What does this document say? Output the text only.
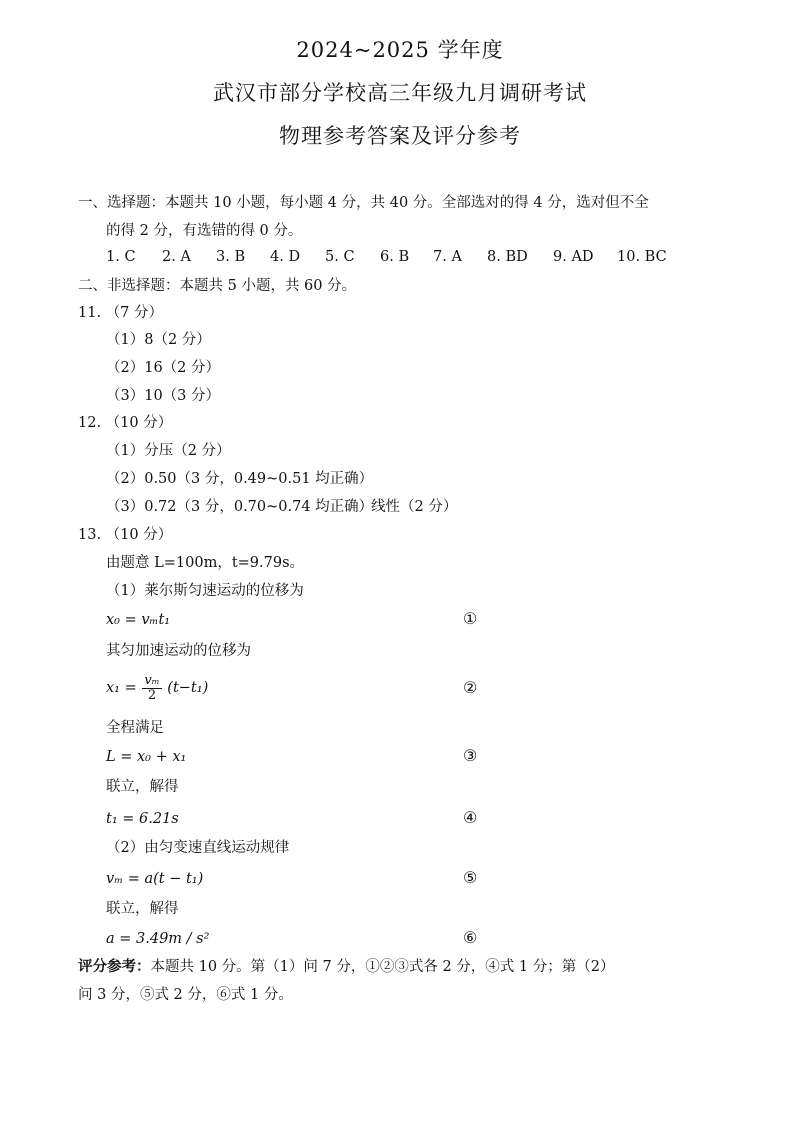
2024~2025 学年度
武汉市部分学校高三年级九月调研考试
物理参考答案及评分参考
一、选择题：本题共 10 小题，每小题 4 分，共 40 分。全部选对的得 4 分，选对但不全
的得 2 分，有选错的得 0 分。
1. C 2. A 3. B 4. D 5. C 6. B 7. A 8. BD 9. AD 10. BC
二、非选择题：本题共 5 小题，共 60 分。
11. （7 分）
（1）8（2 分）
（2）16（2 分）
（3）10（3 分）
12. （10 分）
（1）分压（2 分）
（2）0.50（3 分，0.49~0.51 均正确）
（3）0.72（3 分，0.70~0.74 均正确）
线性（2 分）
13. （10 分）
由题意 L=100m，t=9.79s。
（1）莱尔斯匀速运动的位移为
x₀ = vₘt₁	①
其匀加速运动的位移为
$x_1 = \frac{\text{vₘ}}{2} (t-t_1)$	②
全程满足
L = x₀ + x₁	③
联立，解得
t₁ = 6.21s	④
（2）由匀变速直线运动规律
vₘ = a(t − t₁)	⑤
联立，解得
a = 3.49m / s²	⑥
评分参考：本题共 10 分。第（1）问 7 分，①②③式各 2 分，④式 1 分；第（2）
问 3 分，⑤式 2 分，⑥式 1 分。
